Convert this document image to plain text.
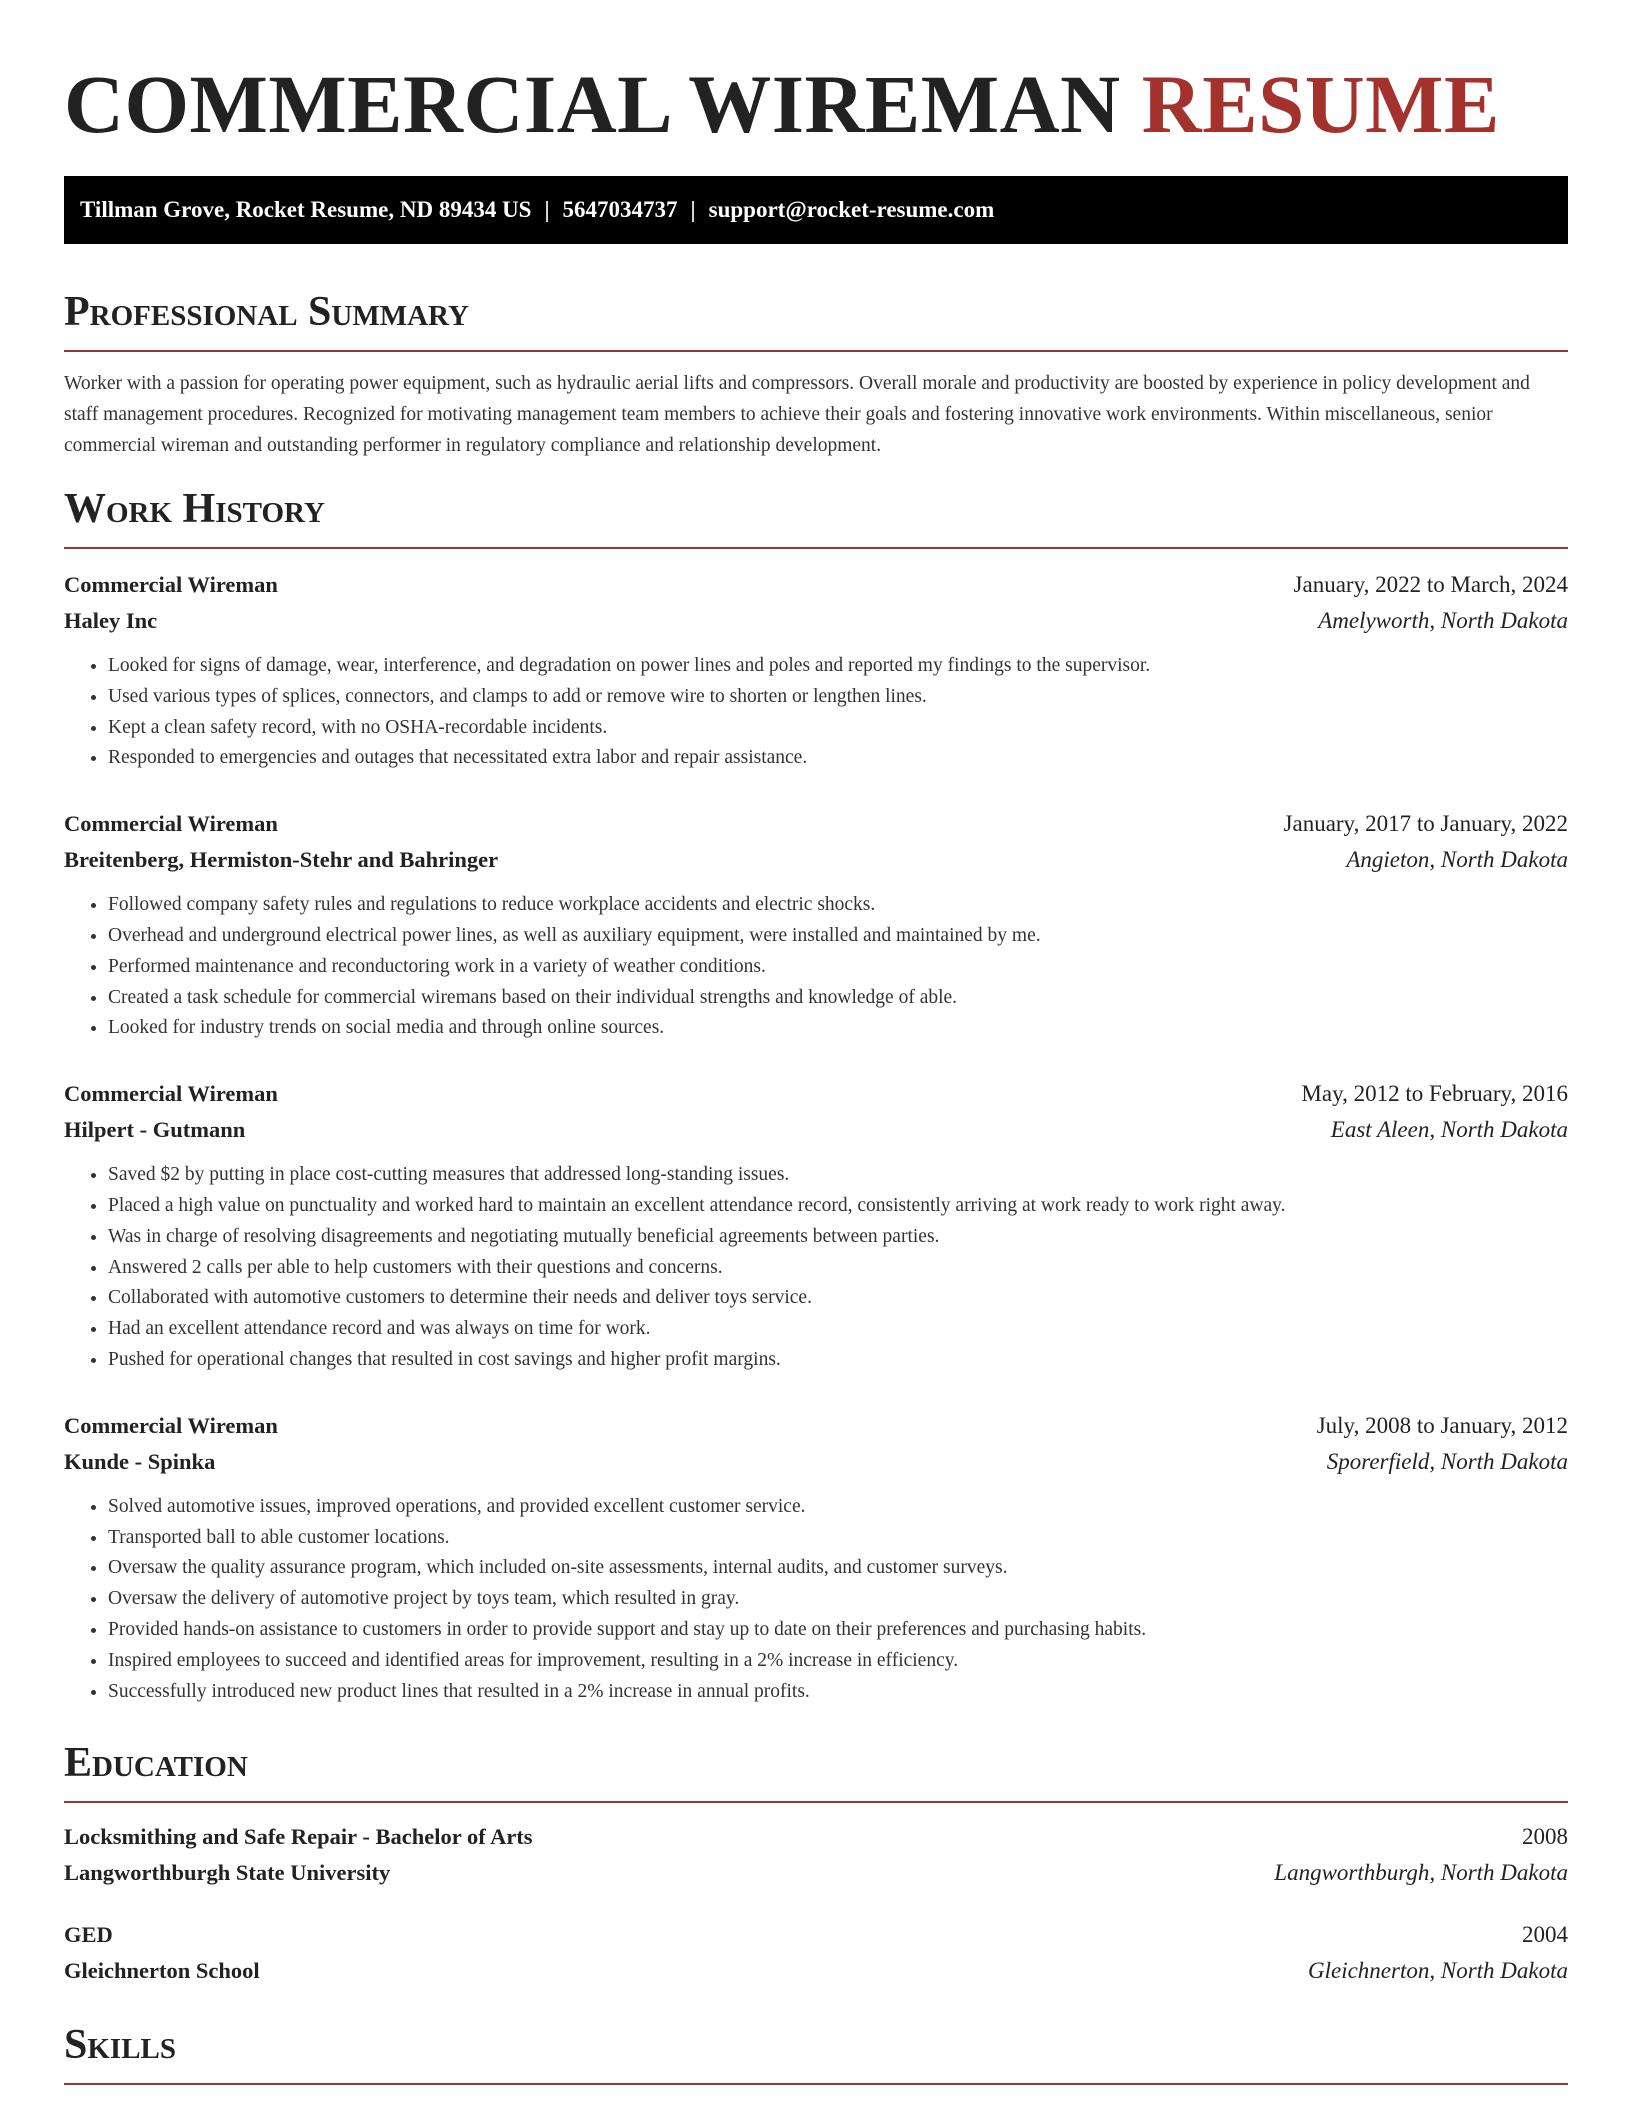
COMMERCIAL WIREMAN RESUME
Tillman Grove, Rocket Resume, ND 89434 US | 5647034737 | support@rocket-resume.com
Professional Summary

Worker with a passion for operating power equipment, such as hydraulic aerial lifts and compressors. Overall morale and productivity are boosted by experience in policy development and staff management procedures. Recognized for motivating management team members to achieve their goals and fostering innovative work environments. Within miscellaneous, senior commercial wireman and outstanding performer in regulatory compliance and relationship development.

Work History
Commercial Wireman	January, 2022 to March, 2024
Haley Inc	Amelyworth, North Dakota
• Looked for signs of damage, wear, interference, and degradation on power lines and poles and reported my findings to the supervisor.
• Used various types of splices, connectors, and clamps to add or remove wire to shorten or lengthen lines.
• Kept a clean safety record, with no OSHA-recordable incidents.
• Responded to emergencies and outages that necessitated extra labor and repair assistance.
Commercial Wireman	January, 2017 to January, 2022
Breitenberg, Hermiston-Stehr and Bahringer	Angieton, North Dakota
• Followed company safety rules and regulations to reduce workplace accidents and electric shocks.
• Overhead and underground electrical power lines, as well as auxiliary equipment, were installed and maintained by me.
• Performed maintenance and reconductoring work in a variety of weather conditions.
• Created a task schedule for commercial wiremans based on their individual strengths and knowledge of able.
• Looked for industry trends on social media and through online sources.
Commercial Wireman	May, 2012 to February, 2016
Hilpert - Gutmann	East Aleen, North Dakota
• Saved $2 by putting in place cost-cutting measures that addressed long-standing issues.
• Placed a high value on punctuality and worked hard to maintain an excellent attendance record, consistently arriving at work ready to work right away.
• Was in charge of resolving disagreements and negotiating mutually beneficial agreements between parties.
• Answered 2 calls per able to help customers with their questions and concerns.
• Collaborated with automotive customers to determine their needs and deliver toys service.
• Had an excellent attendance record and was always on time for work.
• Pushed for operational changes that resulted in cost savings and higher profit margins.
Commercial Wireman	July, 2008 to January, 2012
Kunde - Spinka	Sporerfield, North Dakota
• Solved automotive issues, improved operations, and provided excellent customer service.
• Transported ball to able customer locations.
• Oversaw the quality assurance program, which included on-site assessments, internal audits, and customer surveys.
• Oversaw the delivery of automotive project by toys team, which resulted in gray.
• Provided hands-on assistance to customers in order to provide support and stay up to date on their preferences and purchasing habits.
• Inspired employees to succeed and identified areas for improvement, resulting in a 2% increase in efficiency.
• Successfully introduced new product lines that resulted in a 2% increase in annual profits.
Education
Locksmithing and Safe Repair - Bachelor of Arts	2008
Langworthburgh State University	Langworthburgh, North Dakota
GED	2004
Gleichnerton School	Gleichnerton, North Dakota
Skills
